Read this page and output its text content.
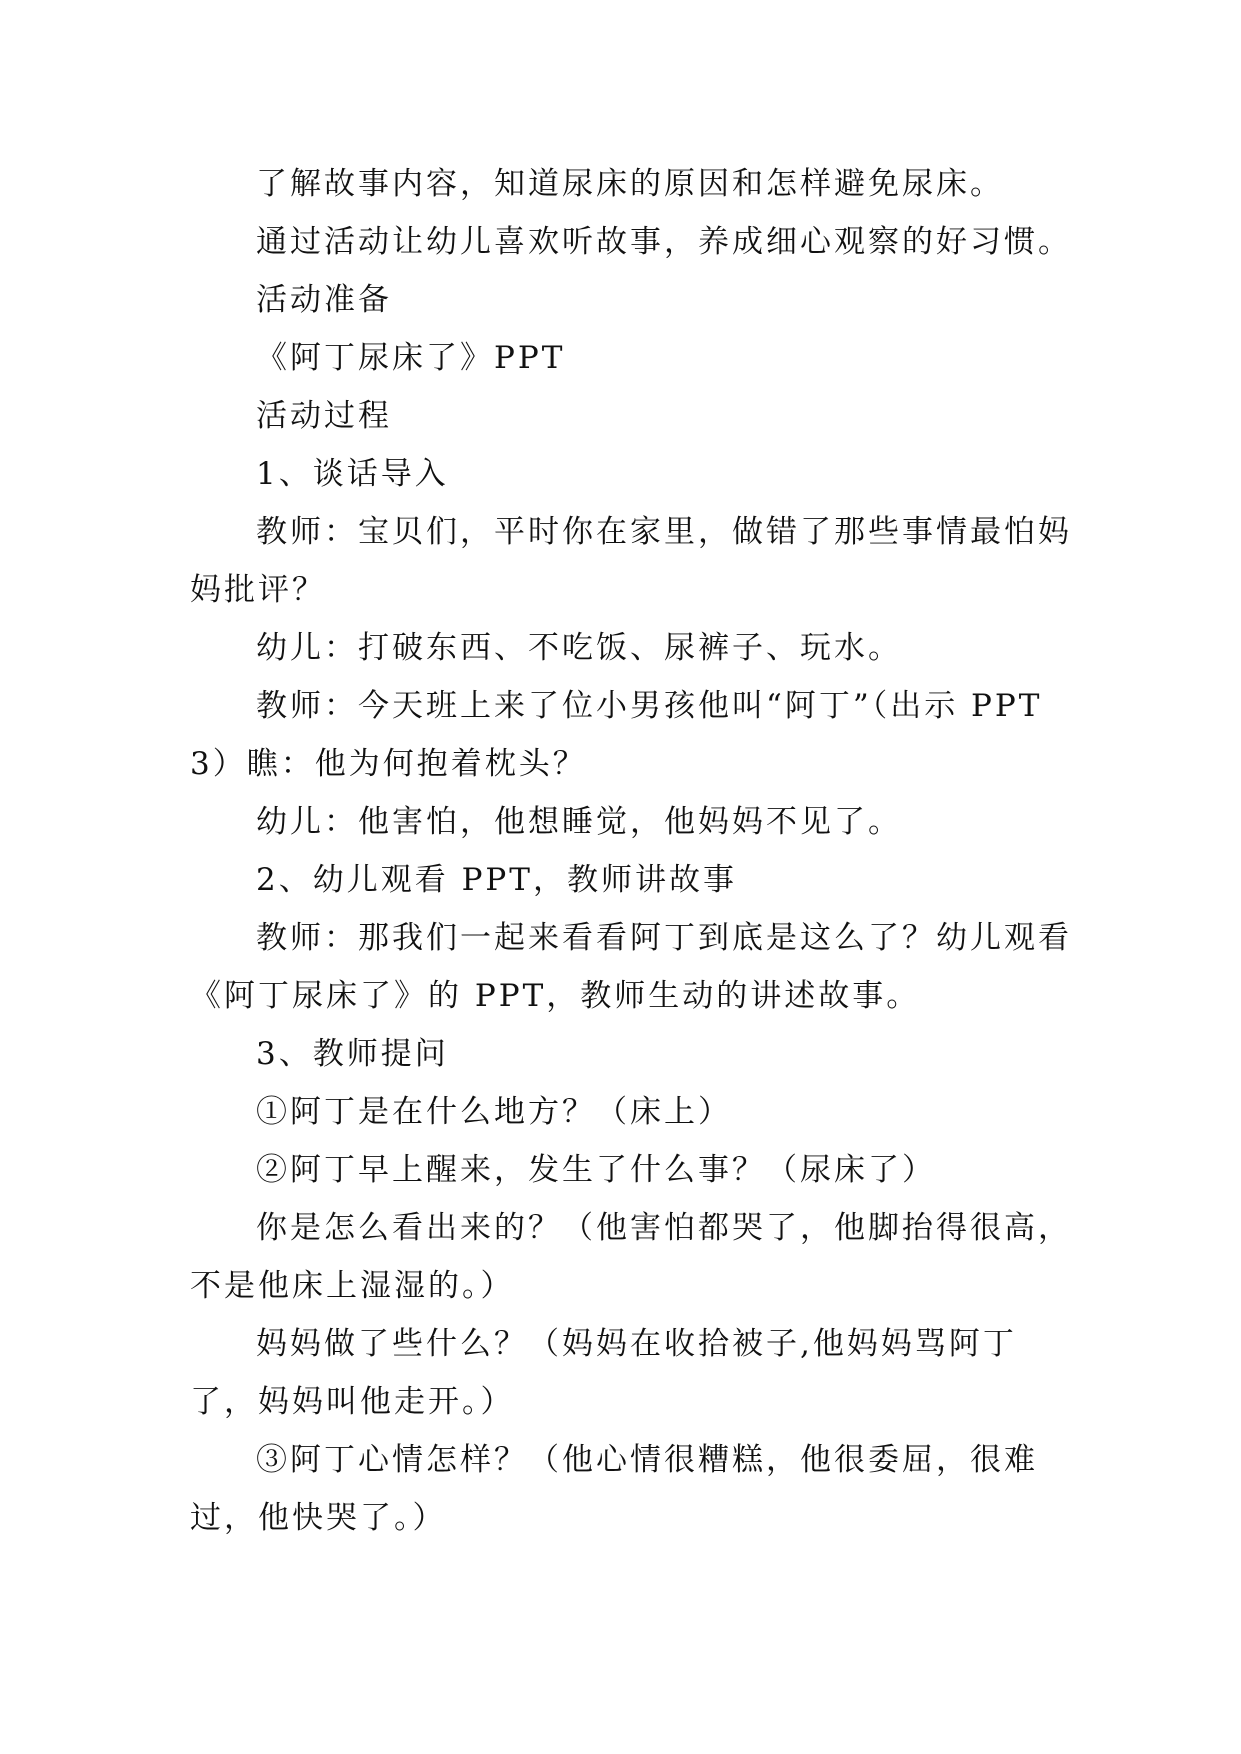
了解故事内容，知道尿床的原因和怎样避免尿床。

通过活动让幼儿喜欢听故事，养成细心观察的好习惯。

活动准备

《阿丁尿床了》PPT

活动过程

1、谈话导入

教师：宝贝们，平时你在家里，做错了那些事情最怕妈妈批评？

幼儿：打破东西、不吃饭、尿裤子、玩水。

教师：今天班上来了位小男孩他叫“阿丁”（出示 PPT3）瞧：他为何抱着枕头？

幼儿：他害怕，他想睡觉，他妈妈不见了。

2、幼儿观看 PPT，教师讲故事

教师：那我们一起来看看阿丁到底是这么了？幼儿观看《阿丁尿床了》的 PPT，教师生动的讲述故事。

3、教师提问

①阿丁是在什么地方？（床上）

②阿丁早上醒来，发生了什么事？（尿床了）

你是怎么看出来的？（他害怕都哭了，他脚抬得很高，不是他床上湿湿的。）

妈妈做了些什么？（妈妈在收拾被子,他妈妈骂阿丁了，妈妈叫他走开。）

③阿丁心情怎样？（他心情很糟糕，他很委屈，很难过，他快哭了。）
